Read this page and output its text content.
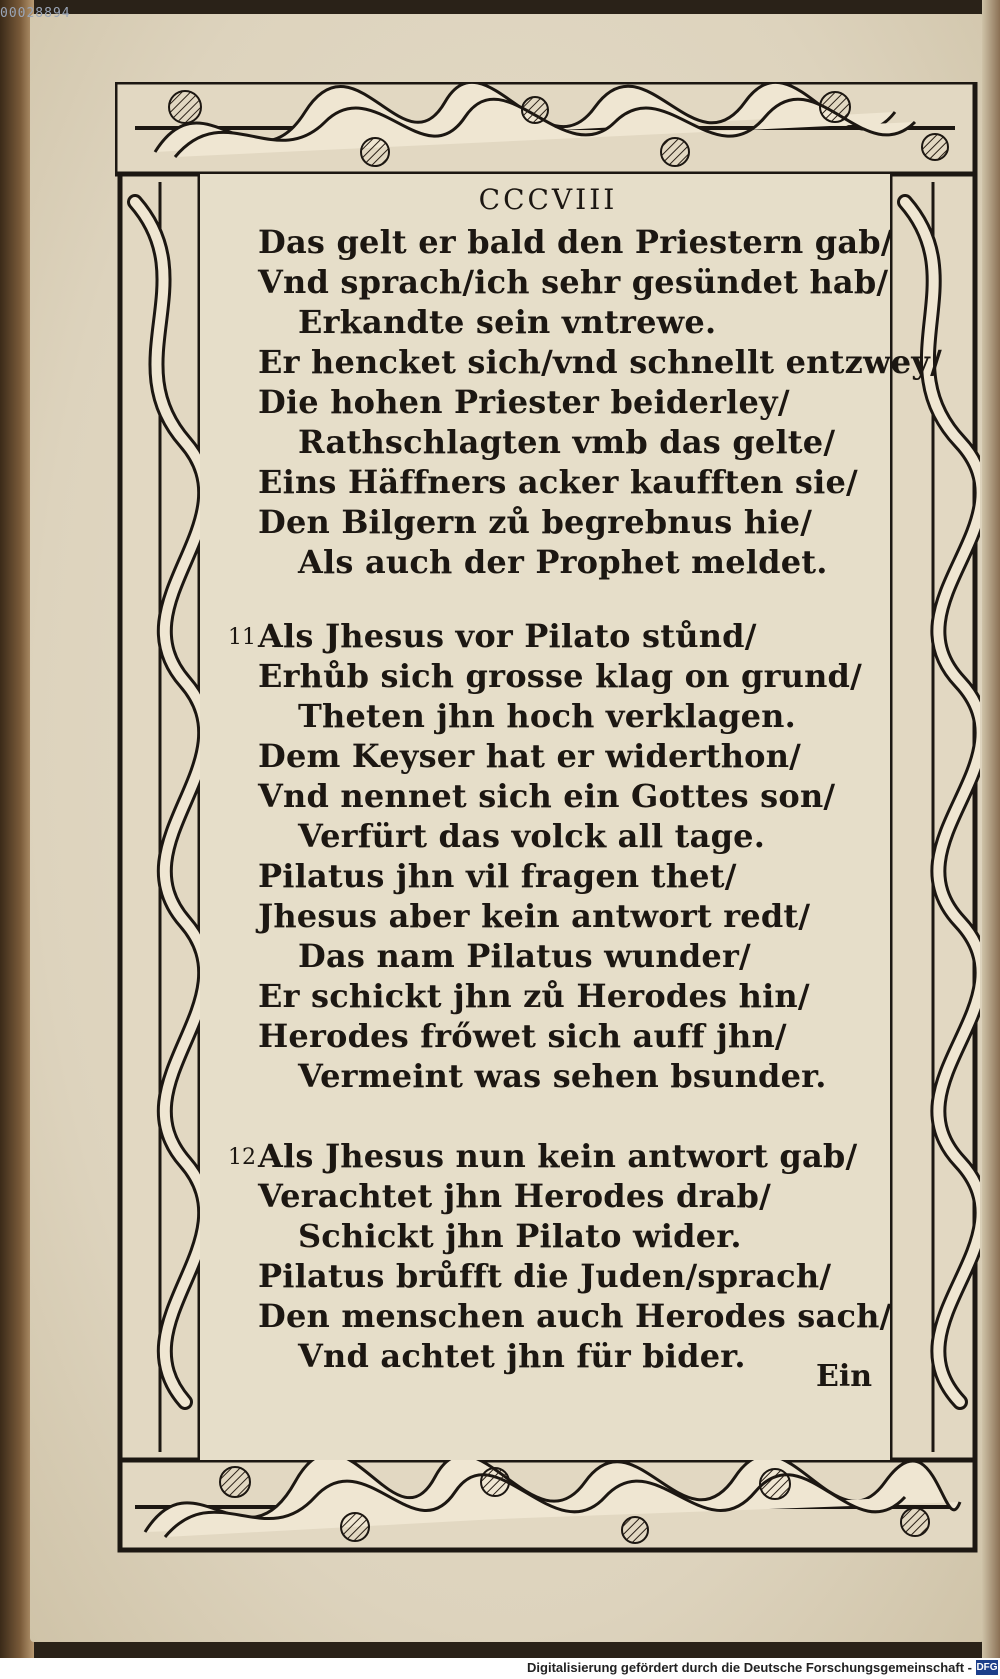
00028894
CCCVIII
Das gelt er bald den Priestern gab/
Vnd sprach/ich sehr gesündet hab/
Erkandte sein vntrewe.
Er hencket sich/vnd schnellt entzwey/
Die hohen Priester beiderley/
Rathschlagten vmb das gelte/
Eins Häffners acker kaufften sie/
Den Bilgern zů begrebnus hie/
Als auch der Prophet meldet.
11 Als Jhesus vor Pilato stůnd/
Erhůb sich grosse klag on grund/
Theten jhn hoch verklagen.
Dem Keyser hat er widerthon/
Vnd nennet sich ein Gottes son/
Verfürt das volck all tage.
Pilatus jhn vil fragen thet/
Jhesus aber kein antwort redt/
Das nam Pilatus wunder/
Er schickt jhn zů Herodes hin/
Herodes frőwet sich auff jhn/
Vermeint was sehen bsunder.
12 Als Jhesus nun kein antwort gab/
Verachtet jhn Herodes drab/
Schickt jhn Pilato wider.
Pilatus brůfft die Juden/sprach/
Den menschen auch Herodes sach/
Vnd achtet jhn für bider.
Ein
Digitalisierung gefördert durch die Deutsche Forschungsgemeinschaft - DFG
